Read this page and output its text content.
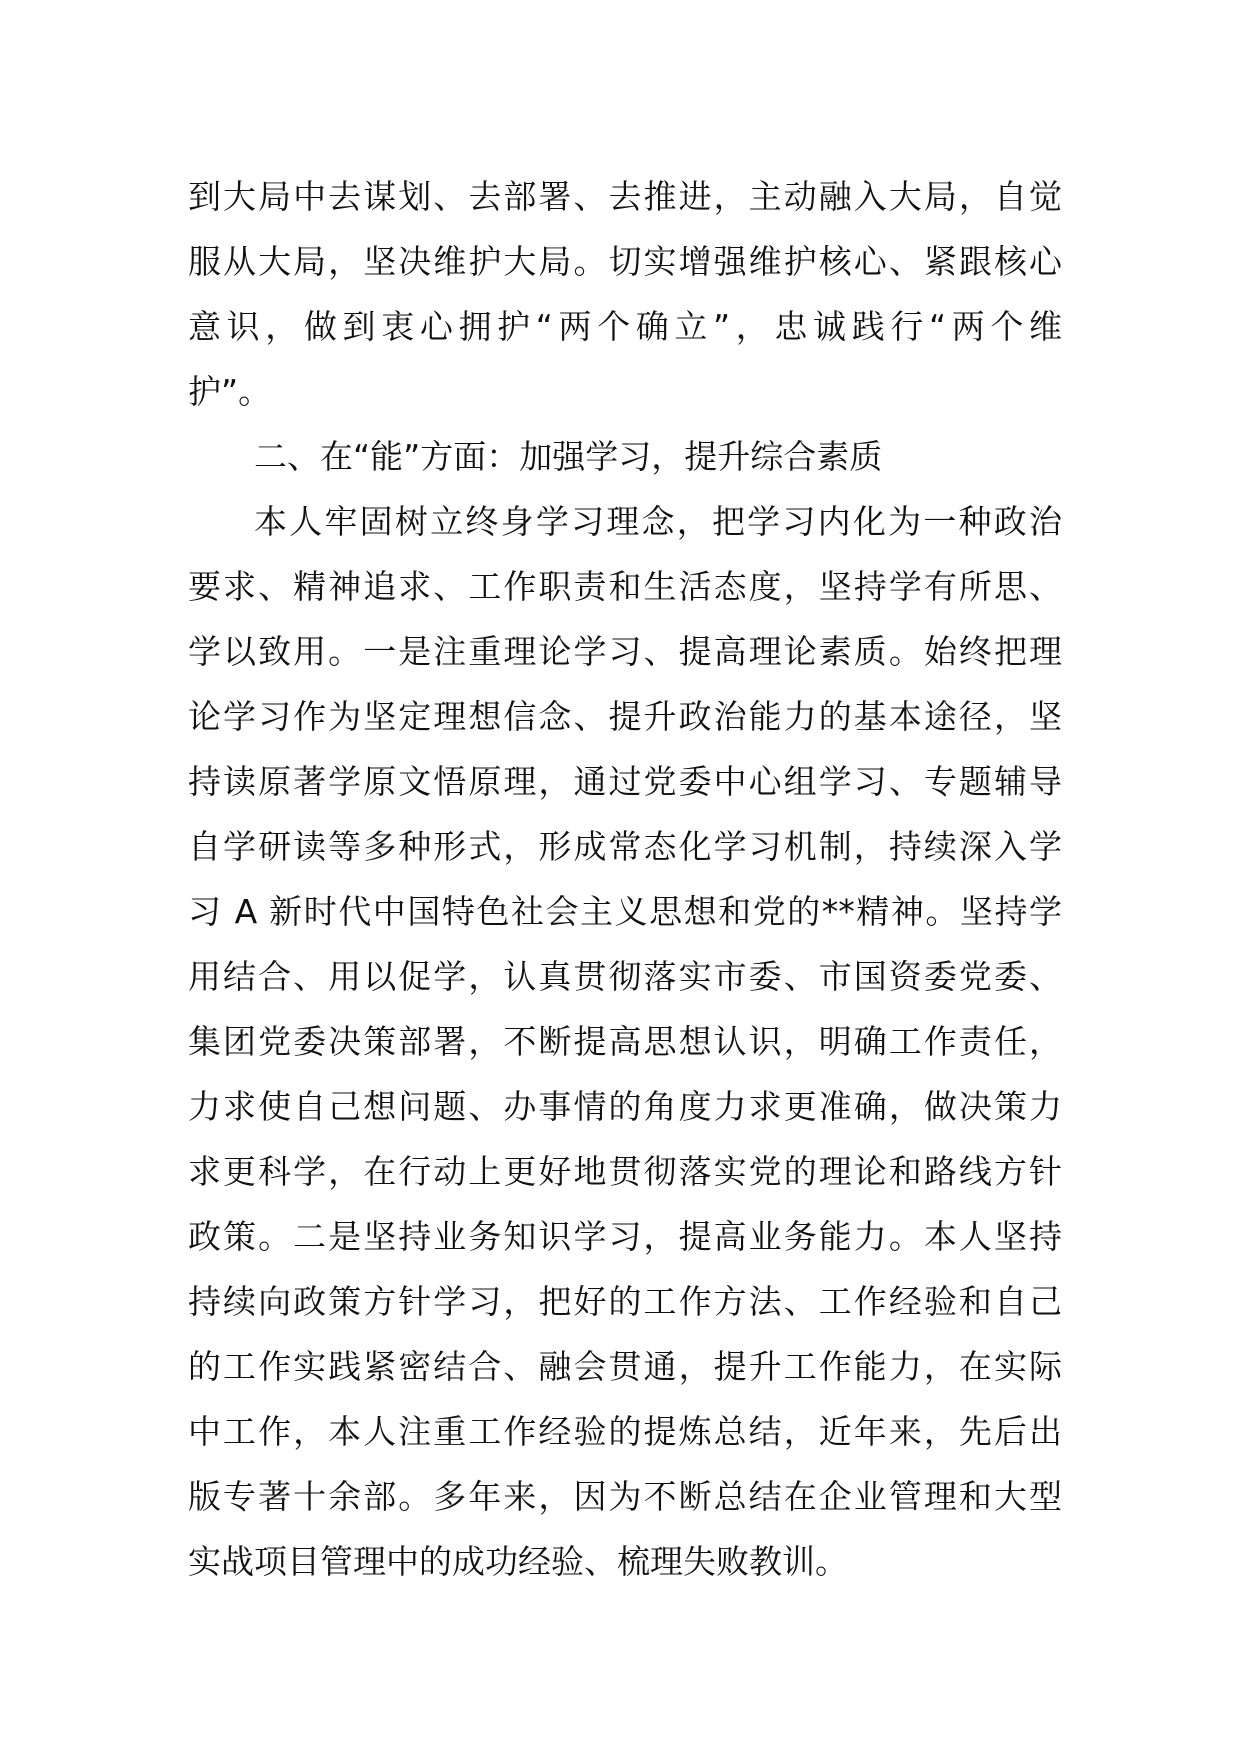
到大局中去谋划、去部署、去推进，主动融入大局，自觉
服从大局，坚决维护大局。切实增强维护核心、紧跟核心
意识，做到衷心拥护“两个确立”，忠诚践行“两个维
护”。
二、在“能”方面：加强学习，提升综合素质
本人牢固树立终身学习理念，把学习内化为一种政治
要求、精神追求、工作职责和生活态度，坚持学有所思、
学以致用。一是注重理论学习、提高理论素质。始终把理
论学习作为坚定理想信念、提升政治能力的基本途径，坚
持读原著学原文悟原理，通过党委中心组学习、专题辅导
自学研读等多种形式，形成常态化学习机制，持续深入学
习 A 新时代中国特色社会主义思想和党的**精神。坚持学
用结合、用以促学，认真贯彻落实市委、市国资委党委、
集团党委决策部署，不断提高思想认识，明确工作责任，
力求使自己想问题、办事情的角度力求更准确，做决策力
求更科学，在行动上更好地贯彻落实党的理论和路线方针
政策。二是坚持业务知识学习，提高业务能力。本人坚持
持续向政策方针学习，把好的工作方法、工作经验和自己
的工作实践紧密结合、融会贯通，提升工作能力，在实际
中工作，本人注重工作经验的提炼总结，近年来，先后出
版专著十余部。多年来，因为不断总结在企业管理和大型
实战项目管理中的成功经验、梳理失败教训。
